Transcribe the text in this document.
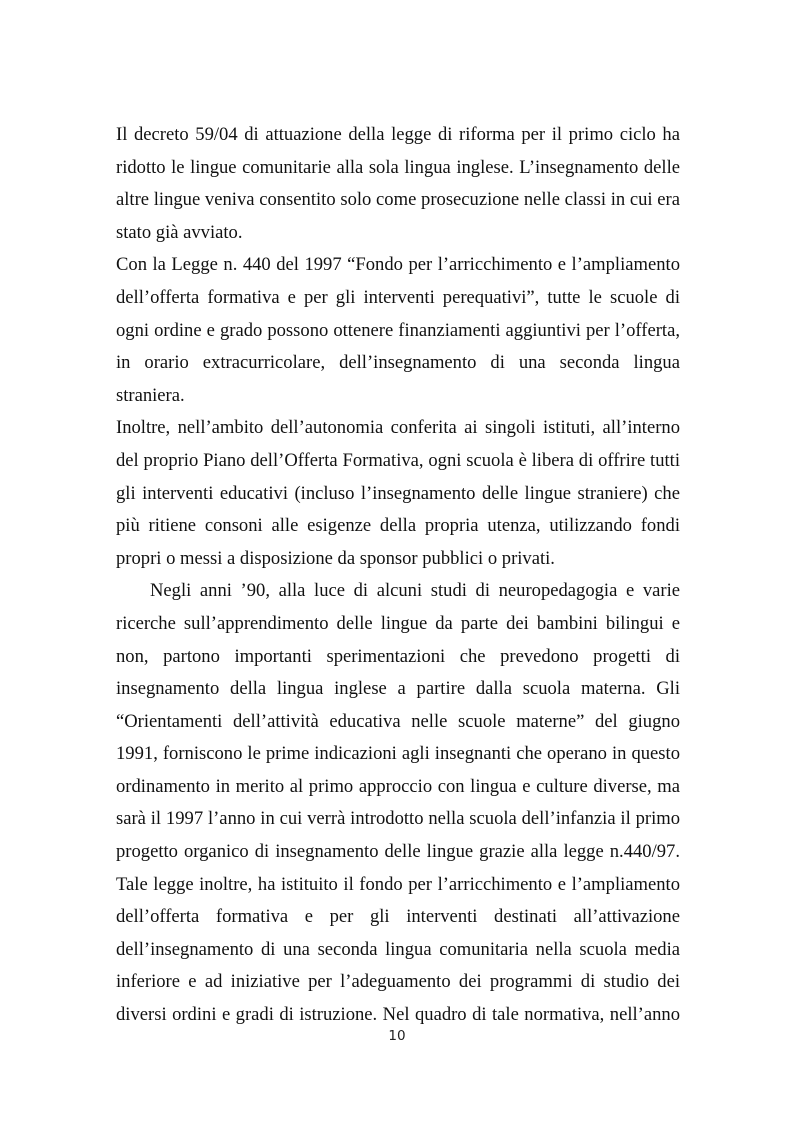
Il decreto 59/04 di attuazione della legge di riforma per il primo ciclo ha
ridotto le lingue comunitarie alla sola lingua inglese. L’insegnamento delle
altre lingue veniva consentito solo come prosecuzione nelle classi in cui era
stato già avviato.
Con la Legge n. 440 del 1997 “Fondo per l’arricchimento e l’ampliamento
dell’offerta formativa e per gli interventi perequativi”, tutte le scuole di
ogni ordine e grado possono ottenere finanziamenti aggiuntivi per l’offerta,
in orario extracurricolare, dell’insegnamento di una seconda lingua
straniera.
Inoltre, nell’ambito dell’autonomia conferita ai singoli istituti, all’interno
del proprio Piano dell’Offerta Formativa, ogni scuola è libera di offrire tutti
gli interventi educativi (incluso l’insegnamento delle lingue straniere) che
più ritiene consoni alle esigenze della propria utenza, utilizzando fondi
propri o messi a disposizione da sponsor pubblici o privati.
Negli anni ’90, alla luce di alcuni studi di neuropedagogia e varie
ricerche sull’apprendimento delle lingue da parte dei bambini bilingui e
non, partono importanti sperimentazioni che prevedono progetti di
insegnamento della lingua inglese a partire dalla scuola materna. Gli
“Orientamenti dell’attività educativa nelle scuole materne” del giugno
1991, forniscono le prime indicazioni agli insegnanti che operano in questo
ordinamento in merito al primo approccio con lingua e culture diverse, ma
sarà il 1997 l’anno in cui verrà introdotto nella scuola dell’infanzia il primo
progetto organico di insegnamento delle lingue grazie alla legge n.440/97.
Tale legge inoltre, ha istituito il fondo per l’arricchimento e l’ampliamento
dell’offerta formativa e per gli interventi destinati all’attivazione
dell’insegnamento di una seconda lingua comunitaria nella scuola media
inferiore e ad iniziative per l’adeguamento dei programmi di studio dei
diversi ordini e gradi di istruzione. Nel quadro di tale normativa, nell’anno
10
